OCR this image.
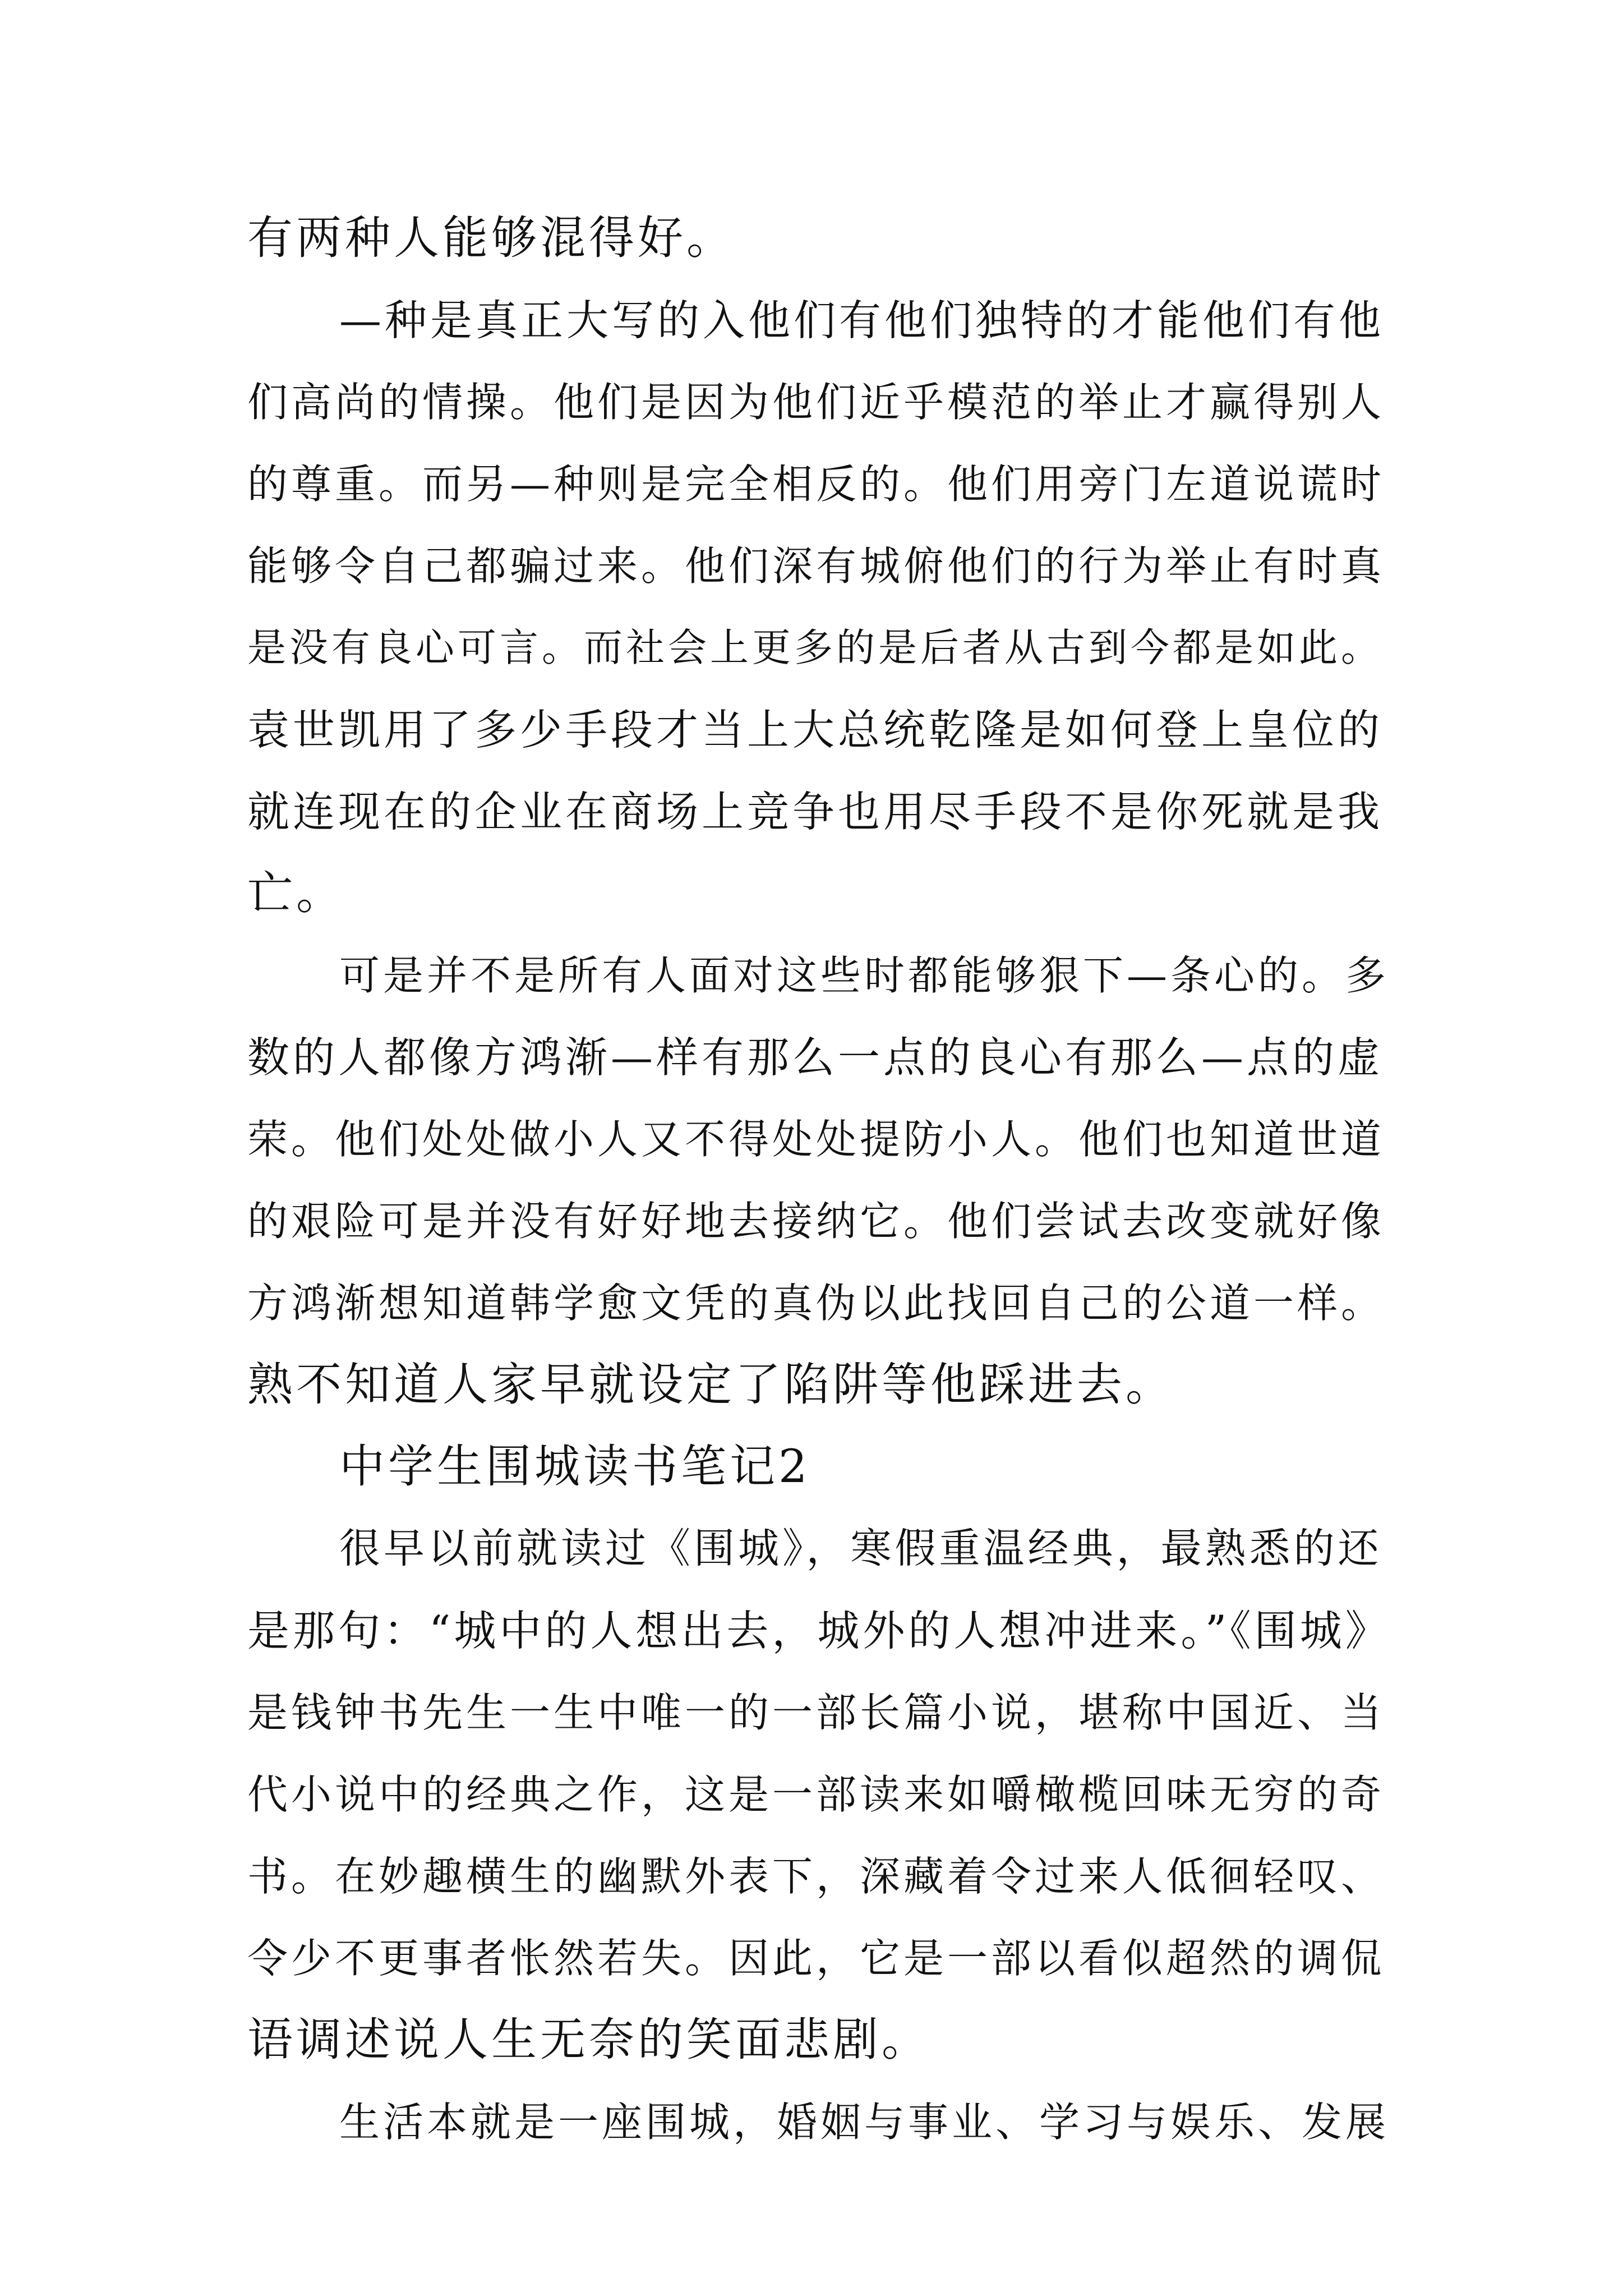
有两种人能够混得好。
—种是真正大写的入他们有他们独特的才能他们有他
们高尚的情操。他们是因为他们近乎模范的举止才赢得别人
的尊重。而另—种则是完全相反的。他们用旁门左道说谎时
能够令自己都骗过来。他们深有城俯他们的行为举止有时真
是没有良心可言。而社会上更多的是后者从古到今都是如此。
袁世凯用了多少手段才当上大总统乾隆是如何登上皇位的
就连现在的企业在商场上竞争也用尽手段不是你死就是我
亡。
可是并不是所有人面对这些时都能够狠下—条心的。多
数的人都像方鸿渐—样有那么一点的良心有那么—点的虚
荣。他们处处做小人又不得处处提防小人。他们也知道世道
的艰险可是并没有好好地去接纳它。他们尝试去改变就好像
方鸿渐想知道韩学愈文凭的真伪以此找回自己的公道一样。
熟不知道人家早就设定了陷阱等他踩进去。
中学生围城读书笔记2
很早以前就读过《围城》，寒假重温经典，最熟悉的还
是那句：“城中的人想出去，城外的人想冲进来。”《围城》
是钱钟书先生一生中唯一的一部长篇小说，堪称中国近、当
代小说中的经典之作，这是一部读来如嚼橄榄回味无穷的奇
书。在妙趣横生的幽默外表下，深藏着令过来人低徊轻叹、
令少不更事者怅然若失。因此，它是一部以看似超然的调侃
语调述说人生无奈的笑面悲剧。
生活本就是一座围城，婚姻与事业、学习与娱乐、发展
